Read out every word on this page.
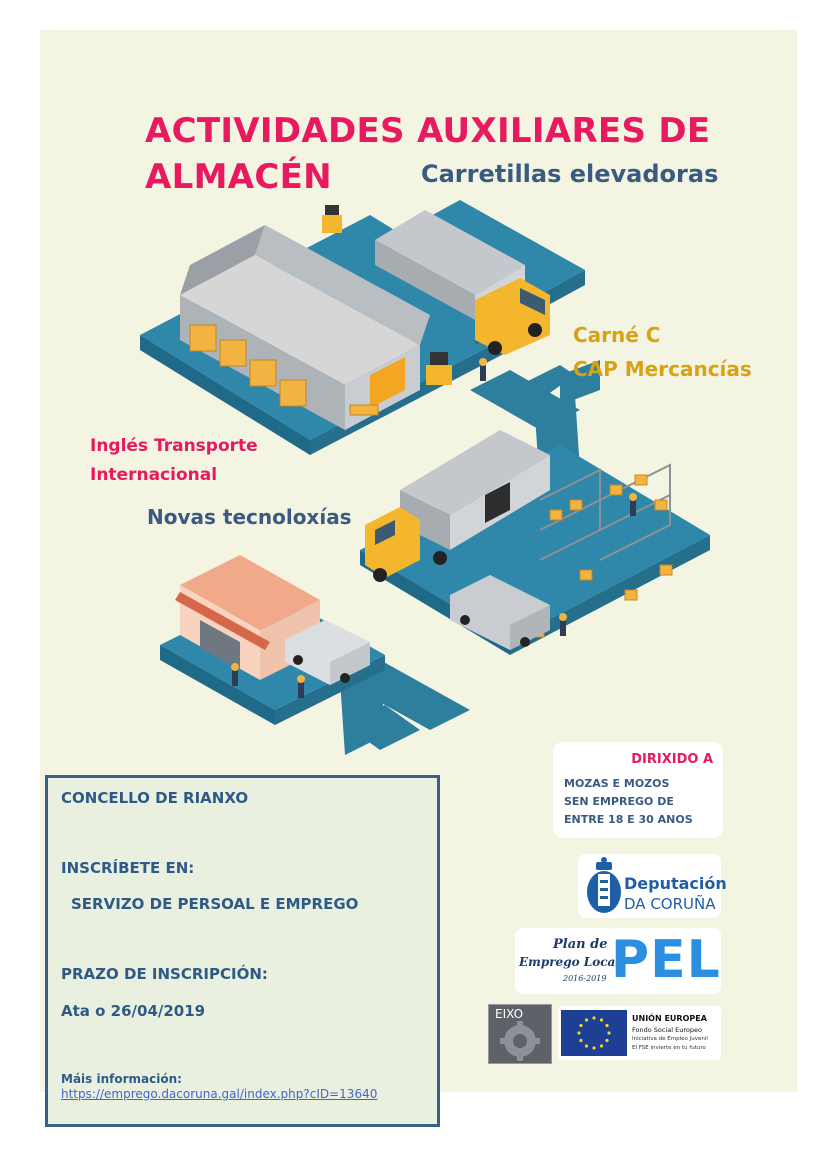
ACTIVIDADES AUXILIARES DE
ALMACÉN	Carretillas elevadoras
Carné C
CAP Mercancías
Inglés Transporte
Internacional
Novas tecnoloxías
DIRIXIDO A
MOZAS E MOZOS
SEN EMPREGO DE
ENTRE 18 E 30 ANOS
Deputación
DA CORUÑA
Plan de
Emprego Local
2016-2019 PEL
EIXO	UNIÓN EUROPEA
Fondo Social Europeo
Iniciativa de Empleo Juvenil
El FSE invierte en tu futuro
CONCELLO DE RIANXO
INSCRÍBETE EN:
SERVIZO DE PERSOAL E EMPREGO
PRAZO DE INSCRIPCIÓN:
Ata o 26/04/2019
Máis información:
https://emprego.dacoruna.gal/index.php?cID=13640
